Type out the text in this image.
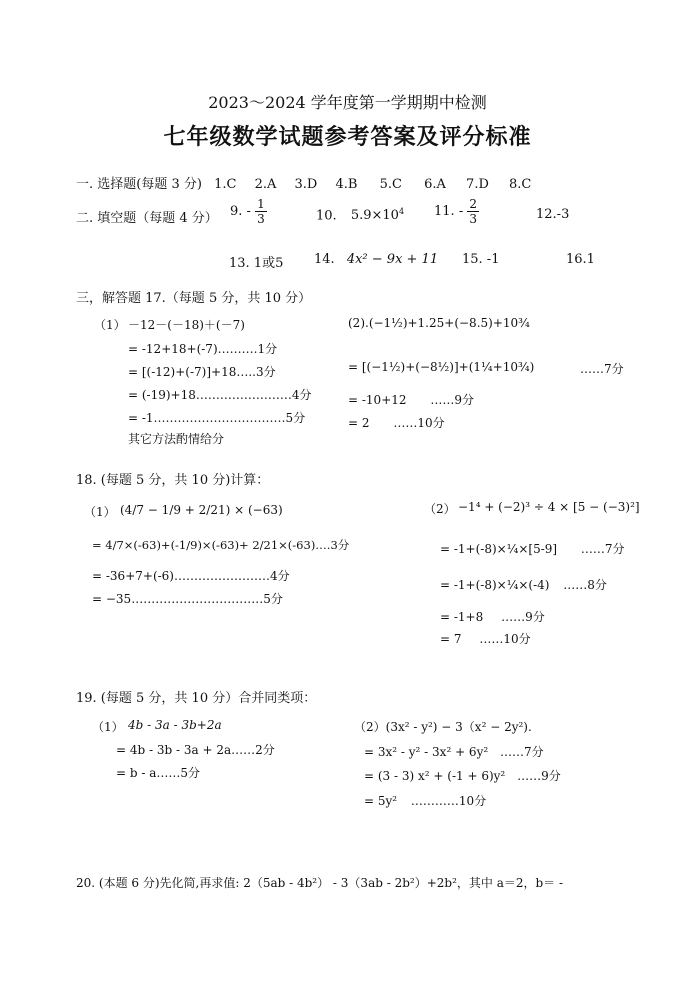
2023～2024 学年度第一学期期中检测
七年级数学试题参考答案及评分标准
一. 选择题(每题 3 分) 1.C 2.A 3.D 4.B 5.C 6.A 7.D 8.C
二. 填空题（每题 4 分） 9. - $\frac{1}{3}$	10. $5.9\times 10^4$ 11. - $\frac{2}{3}$	12.-3
13. 1或5 14. 4x² − 9x + 11 15. -1	16.1
三，解答题 17.（每题 5 分，共 10 分）
（1） －12－(－18)＋(－7)
= -12+18+(-7)……….1分
= [(-12)+(-7)]+18…..3分
= (-19)+18……………………4分
= -1……………………………5分
其它方法酌情给分
(2).(−1½)+1.25+(−8.5)+10¾
= [(−1½)+(−8½)]+(1¼+10¾)	……7分
= -10+12 ……9分
= 2 ……10分
18. (每题 5 分，共 10 分)计算：
（1） (4/7 − 1/9 + 2/21) × (−63)
= 4/7×(-63)+(-1/9)×(-63)+ 2/21×(-63)….3分
= -36+7+(-6)……………………4分
= −35……………………………5分
（2） −1⁴ + (−2)³ ÷ 4 × [5 − (−3)²]
= -1+(-8)×¼×[5-9] ……7分
= -1+(-8)×¼×(-4) ……8分
= -1+8 ……9分
= 7 ……10分
19. (每题 5 分，共 10 分）合并同类项：
（1） 4b - 3a - 3b+2a
= 4b - 3b - 3a + 2a……2分
= b - a……5分
（2）(3x² - y²) − 3（x² − 2y²).
= 3x² - y² - 3x² + 6y² ……7分
= (3 - 3) x² + (-1 + 6)y² ……9分
= 5y² …………10分
20. (本题 6 分)先化简,再求值: 2（5ab - 4b²） - 3（3ab - 2b²）+2b²，其中 a＝2，b＝ -
